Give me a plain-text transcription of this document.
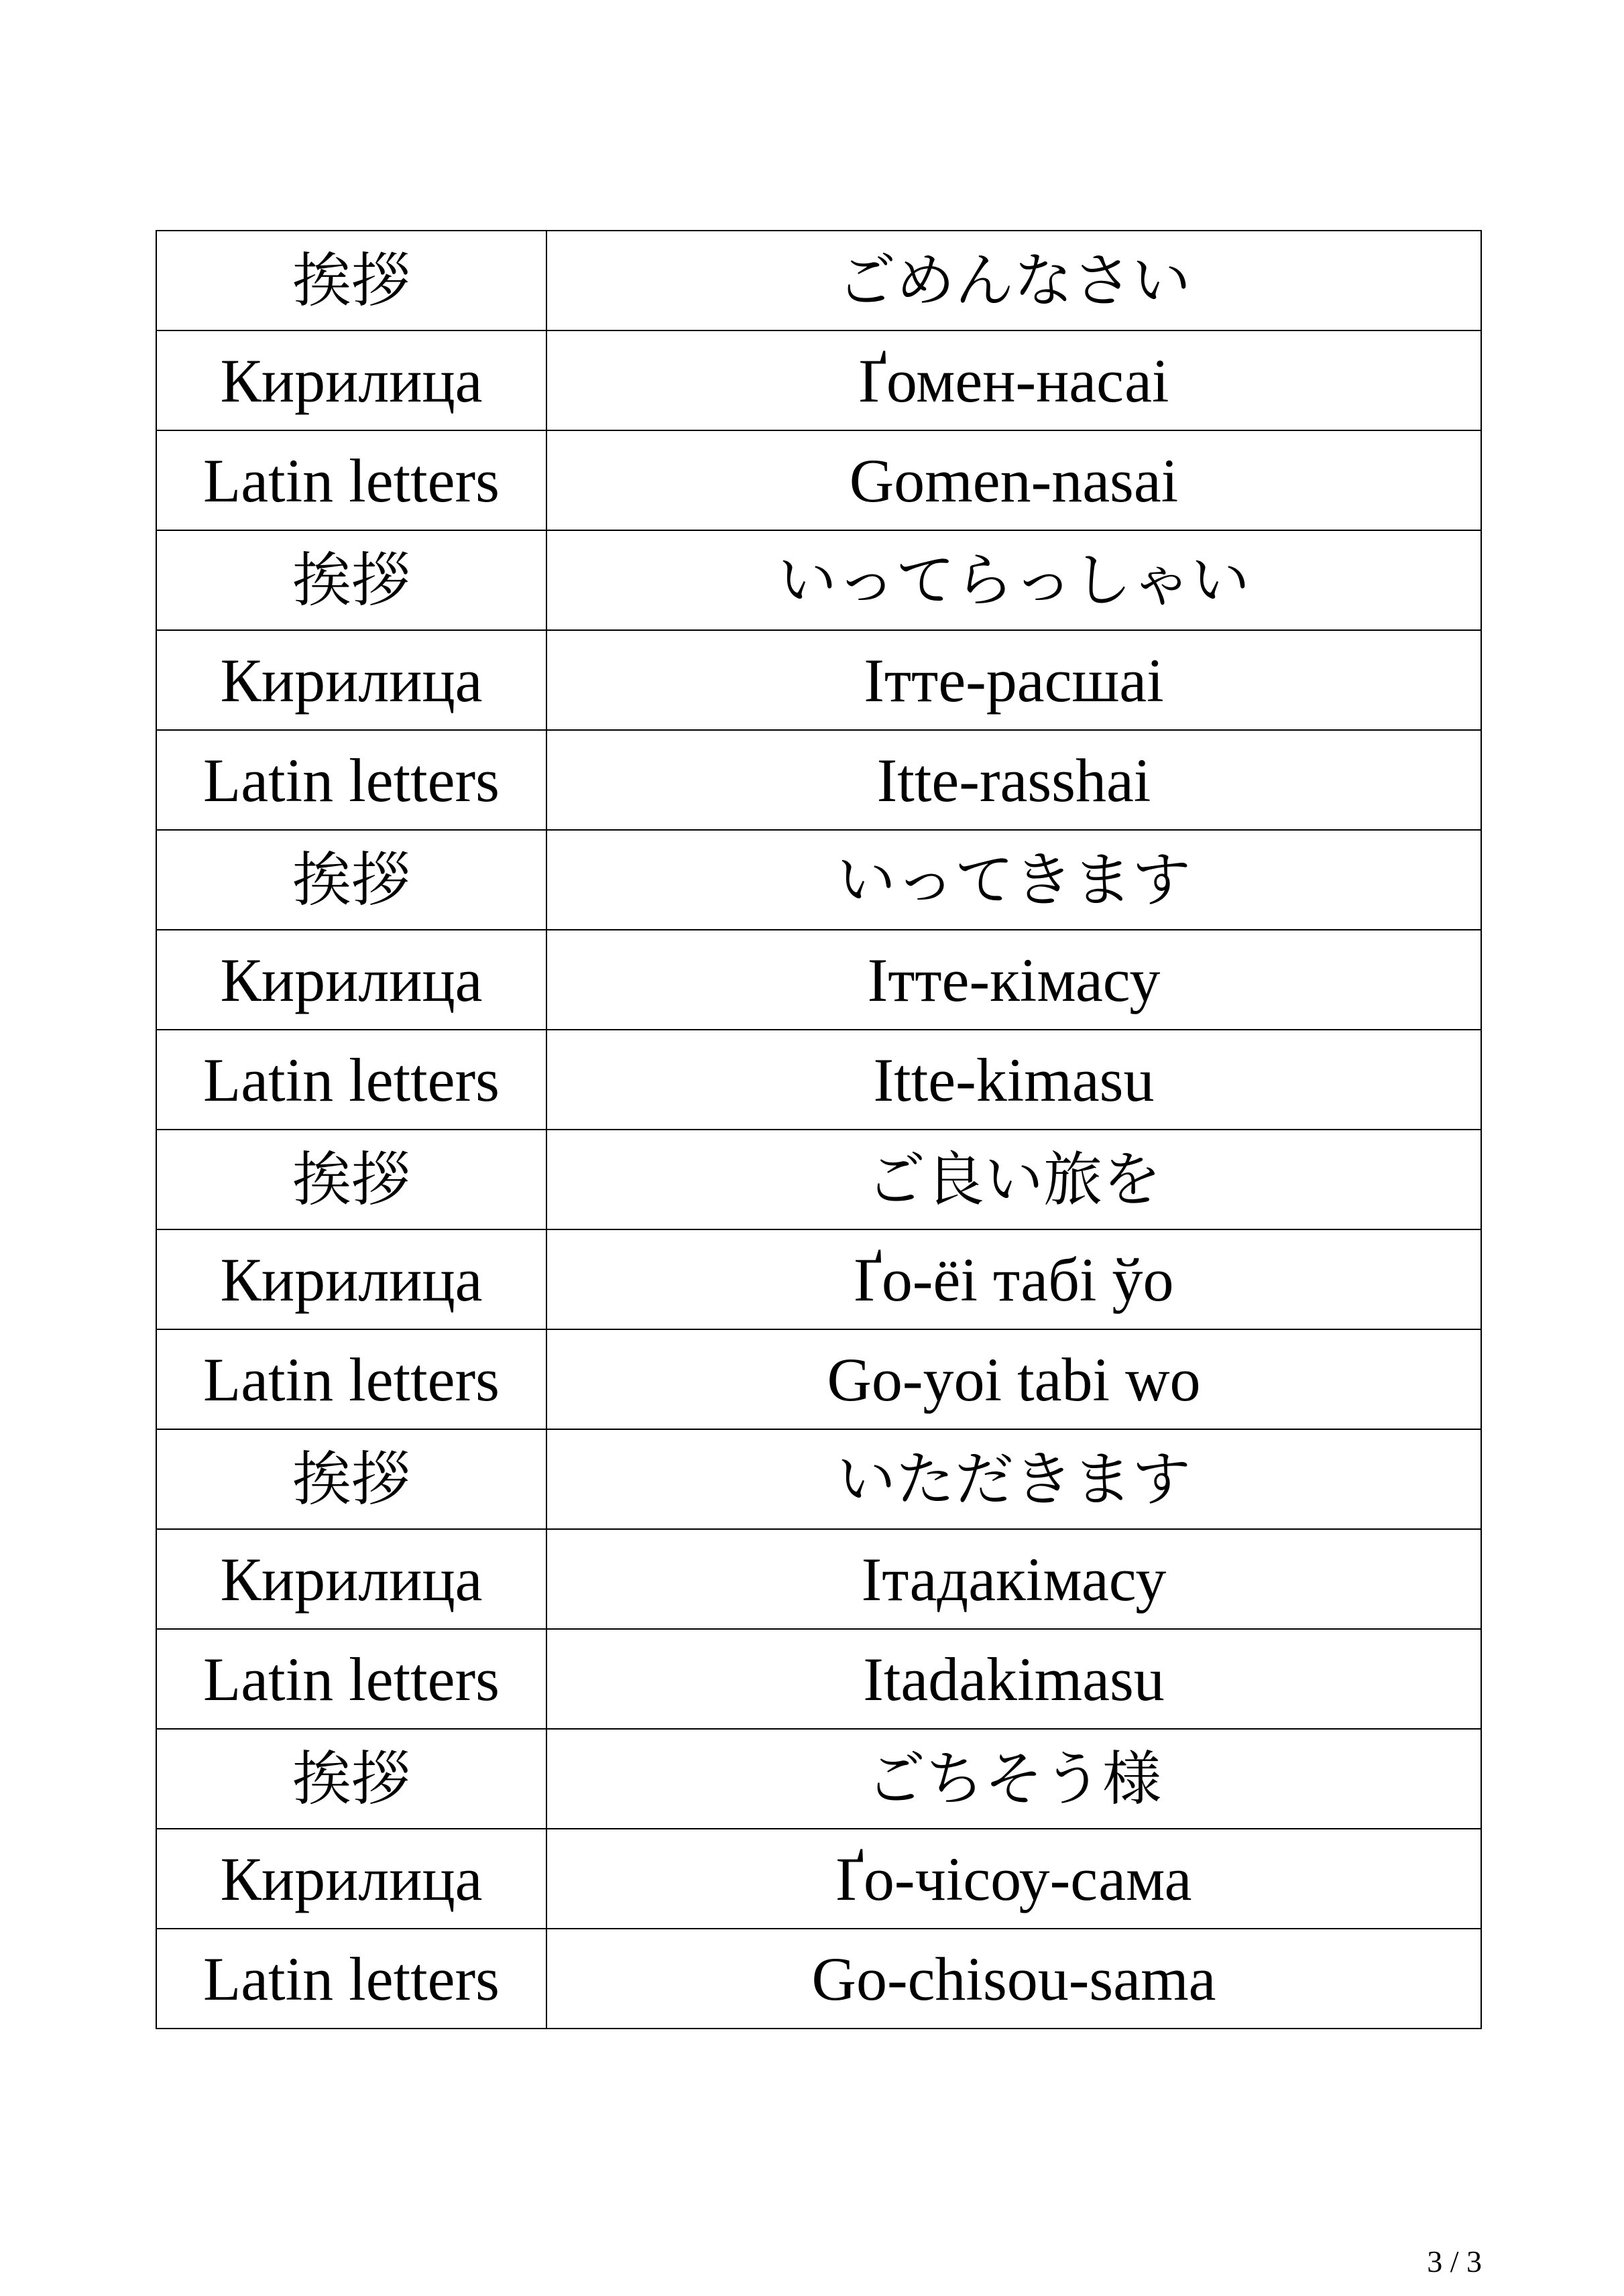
挨拶	ごめんなさい
Кирилица	Ґомен-насаі
Latin letters	Gomen-nasai
挨拶	いってらっしゃい
Кирилица	Ітте-расшаі
Latin letters	Itte-rasshai
挨拶	いってきます
Кирилица	Ітте-кімасу
Latin letters	Itte-kimasu
挨拶	ご良い旅を
Кирилица	Ґо-ёі табі ўо
Latin letters	Go-yoi tabi wo
挨拶	いただきます
Кирилица	Ітадакімасу
Latin letters	Itadakimasu
挨拶	ごちそう様
Кирилица	Ґо-чісоу-сама
Latin letters	Go-chisou-sama
3 / 3
